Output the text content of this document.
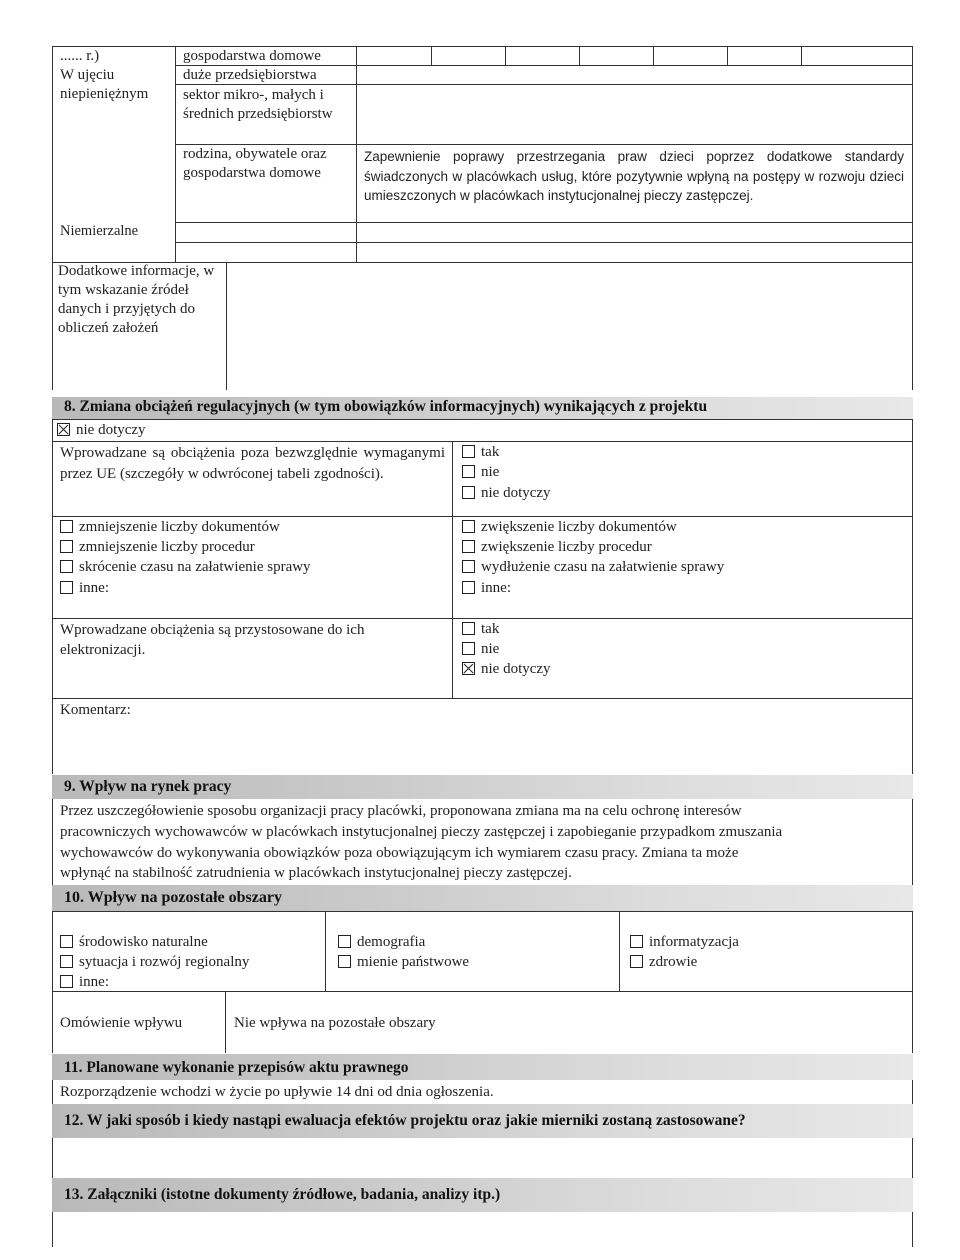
...... r.)
W ujęciu niepieniężnym
Niemierzalne
gospodarstwa domowe
duże przedsiębiorstwa
sektor mikro-, małych i średnich przedsiębiorstw
rodzina, obywatele oraz gospodarstwa domowe
Zapewnienie poprawy przestrzegania praw dzieci poprzez dodatkowe standardy świadczonych w placówkach usług, które pozytywnie wpłyną na postępy w rozwoju dzieci umieszczonych w placówkach instytucjonalnej pieczy zastępczej.
Dodatkowe informacje, w tym wskazanie źródeł danych i przyjętych do obliczeń założeń
8. Zmiana obciążeń regulacyjnych (w tym obowiązków informacyjnych) wynikających z projektu
nie dotyczy
Wprowadzane są obciążenia poza bezwzględnie wymaganymi przez UE (szczegóły w odwróconej tabeli zgodności).
tak
nie
nie dotyczy
zmniejszenie liczby dokumentów
zmniejszenie liczby procedur
skrócenie czasu na załatwienie sprawy
inne:
zwiększenie liczby dokumentów
zwiększenie liczby procedur
wydłużenie czasu na załatwienie sprawy
inne:
Wprowadzane obciążenia są przystosowane do ich elektronizacji.
tak
nie
nie dotyczy
Komentarz:
9. Wpływ na rynek pracy
Przez uszczegółowienie sposobu organizacji pracy placówki, proponowana zmiana ma na celu ochronę interesów
pracowniczych wychowawców w placówkach instytucjonalnej pieczy zastępczej i zapobieganie przypadkom zmuszania
wychowawców do wykonywania obowiązków poza obowiązującym ich wymiarem czasu pracy. Zmiana ta może
wpłynąć na stabilność zatrudnienia w placówkach instytucjonalnej pieczy zastępczej.
10. Wpływ na pozostałe obszary
środowisko naturalne
sytuacja i rozwój regionalny
inne:
demografia
mienie państwowe
informatyzacja
zdrowie
Omówienie wpływu	Nie wpływa na pozostałe obszary
11. Planowane wykonanie przepisów aktu prawnego
Rozporządzenie wchodzi w życie po upływie 14 dni od dnia ogłoszenia.
12. W jaki sposób i kiedy nastąpi ewaluacja efektów projektu oraz jakie mierniki zostaną zastosowane?
13. Załączniki (istotne dokumenty źródłowe, badania, analizy itp.)
